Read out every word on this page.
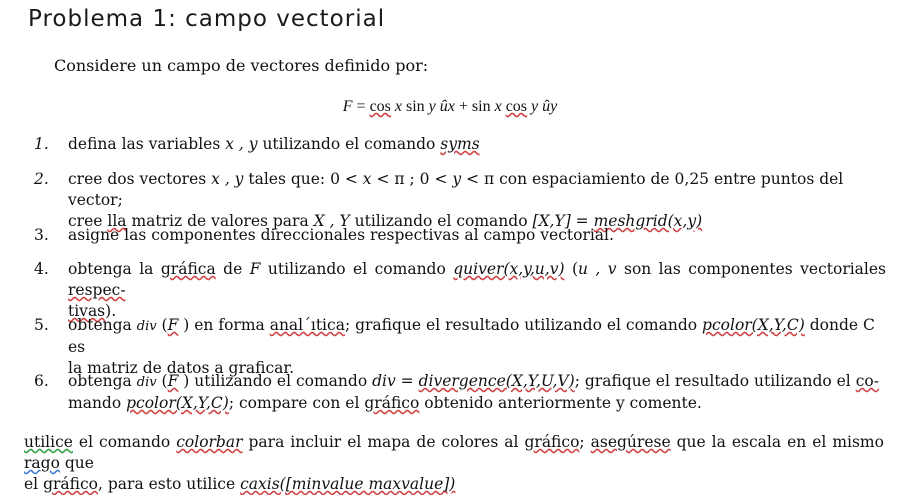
Problema 1: campo vectorial
Considere un campo de vectores definido por:
F = cos x sin y ûx + sin x cos y ûy
1.	defina las variables x , y utilizando el comando syms
2.	cree dos vectores x , y tales que: 0 < x < π ; 0 < y < π con espaciamiento de 0,25 entre puntos del vector;
cree lla matriz de valores para X , Y utilizando el comando [X,Y] = meshgrid(x,y)
3.	asigne las componentes direccionales respectivas al campo vectorial.
4.	obtenga la gráfica de F utilizando el comando quiver(x,y,u,v) (u , v son las componentes vectoriales respec-
tivas).
5.	obtenga div (F ) en forma anal´ıtica; grafique el resultado utilizando el comando pcolor(X,Y,C) donde C es
la matriz de datos a graficar.
6.	obtenga div (F ) utilizando el comando div = divergence(X,Y,U,V); grafique el resultado utilizando el co-
mando pcolor(X,Y,C); compare con el gráfico obtenido anteriormente y comente.
utilice el comando colorbar para incluir el mapa de colores al gráfico; asegúrese que la escala en el mismo rago que
el gráfico, para esto utilice caxis([minvalue maxvalue])
